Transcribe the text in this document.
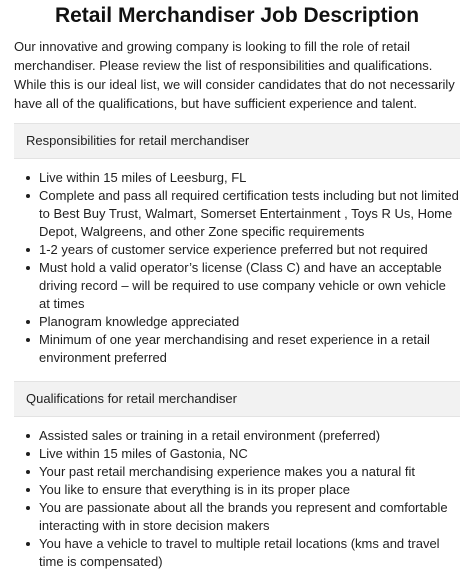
Retail Merchandiser Job Description

Our innovative and growing company is looking to fill the role of retail merchandiser. Please review the list of responsibilities and qualifications. While this is our ideal list, we will consider candidates that do not necessarily have all of the qualifications, but have sufficient experience and talent.

Responsibilities for retail merchandiser
Live within 15 miles of Leesburg, FL
Complete and pass all required certification tests including but not limited to Best Buy Trust, Walmart, Somerset Entertainment , Toys R Us, Home Depot, Walgreens, and other Zone specific requirements
1-2 years of customer service experience preferred but not required
Must hold a valid operator’s license (Class C) and have an acceptable driving record – will be required to use company vehicle or own vehicle at times
Planogram knowledge appreciated
Minimum of one year merchandising and reset experience in a retail environment preferred
Qualifications for retail merchandiser
Assisted sales or training in a retail environment (preferred)
Live within 15 miles of Gastonia, NC
Your past retail merchandising experience makes you a natural fit
You like to ensure that everything is in its proper place
You are passionate about all the brands you represent and comfortable interacting with in store decision makers
You have a vehicle to travel to multiple retail locations (kms and travel time is compensated)
